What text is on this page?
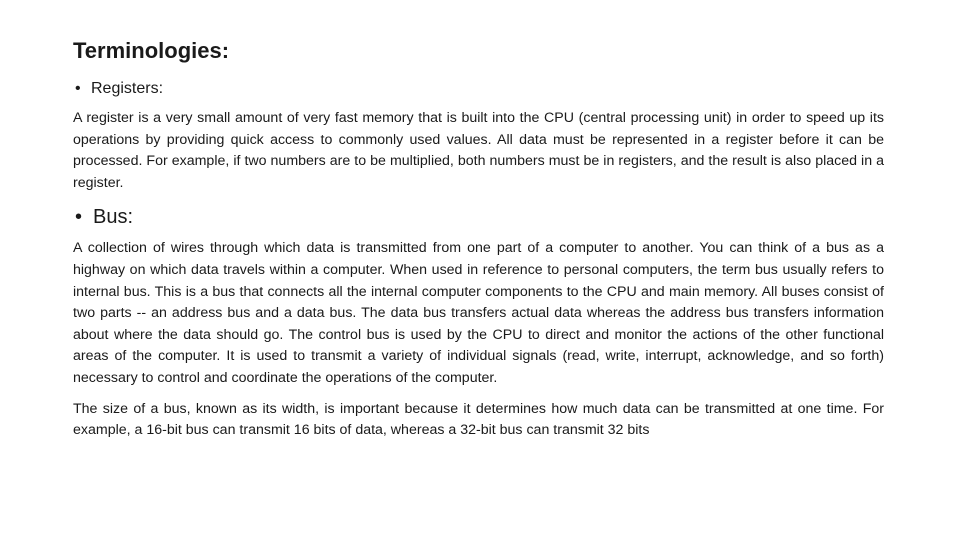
Terminologies:
• Registers:

A register is a very small amount of very fast memory that is built into the CPU (central processing unit) in order to speed up its operations by providing quick access to commonly used values. All data must be represented in a register before it can be processed. For example, if two numbers are to be multiplied, both numbers must be in registers, and the result is also placed in a register.

• Bus:

A collection of wires through which data is transmitted from one part of a computer to another. You can think of a bus as a highway on which data travels within a computer. When used in reference to personal computers, the term bus usually refers to internal bus. This is a bus that connects all the internal computer components to the CPU and main memory. All buses consist of two parts -- an address bus and a data bus. The data bus transfers actual data whereas the address bus transfers information about where the data should go. The control bus is used by the CPU to direct and monitor the actions of the other functional areas of the computer. It is used to transmit a variety of individual signals (read, write, interrupt, acknowledge, and so forth) necessary to control and coordinate the operations of the computer.

The size of a bus, known as its width, is important because it determines how much data can be transmitted at one time. For example, a 16-bit bus can transmit 16 bits of data, whereas a 32-bit bus can transmit 32 bits
